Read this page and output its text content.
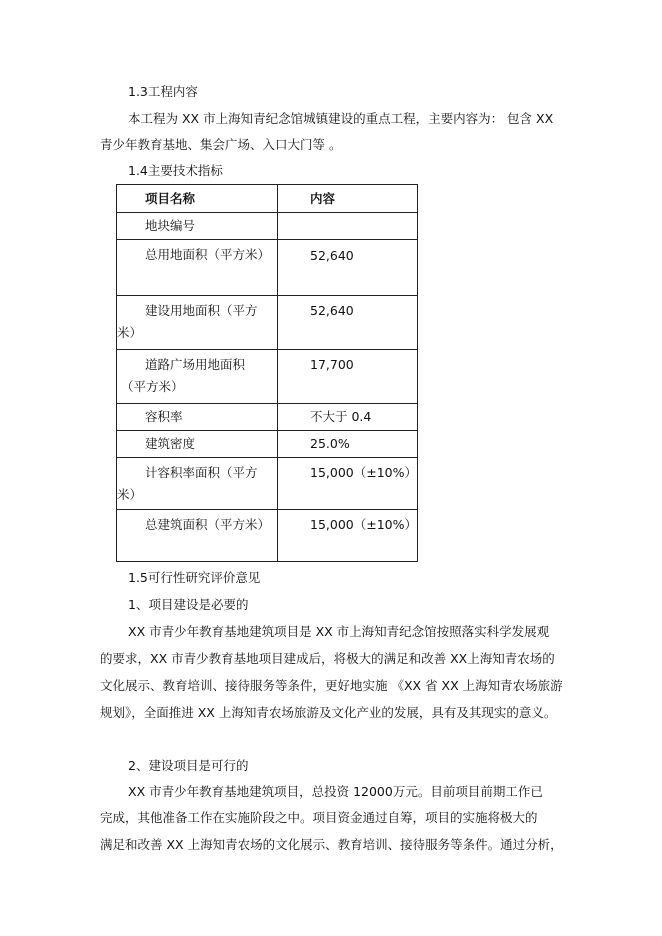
1.3工程内容
本工程为 XX 市上海知青纪念馆城镇建设的重点工程，主要内容为： 包含 XX
青少年教育基地、集会广场、入口大门等 。
1.4主要技术指标
项目名称	内容

地块编号	

总用地面积（平方米）	52,640

建设用地面积（平方
米）	52,640

道路广场用地面积
（平方米）	17,700

容积率	不大于 0.4

建筑密度	25.0%

计容积率面积（平方
米）	15,000（±10%）

总建筑面积（平方米）	15,000（±10%）
1.5可行性研究评价意见
1、项目建设是必要的
XX 市青少年教育基地建筑项目是 XX 市上海知青纪念馆按照落实科学发展观
的要求，XX 市青少教育基地项目建成后，将极大的满足和改善 XX上海知青农场的
文化展示、教育培训、接待服务等条件，更好地实施 《XX 省 XX 上海知青农场旅游
规划》，全面推进 XX 上海知青农场旅游及文化产业的发展，具有及其现实的意义。
2、建设项目是可行的
XX 市青少年教育基地建筑项目，总投资 12000万元。目前项目前期工作已
完成，其他准备工作在实施阶段之中。项目资金通过自筹，项目的实施将极大的
满足和改善 XX 上海知青农场的文化展示、教育培训、接待服务等条件。通过分析，
